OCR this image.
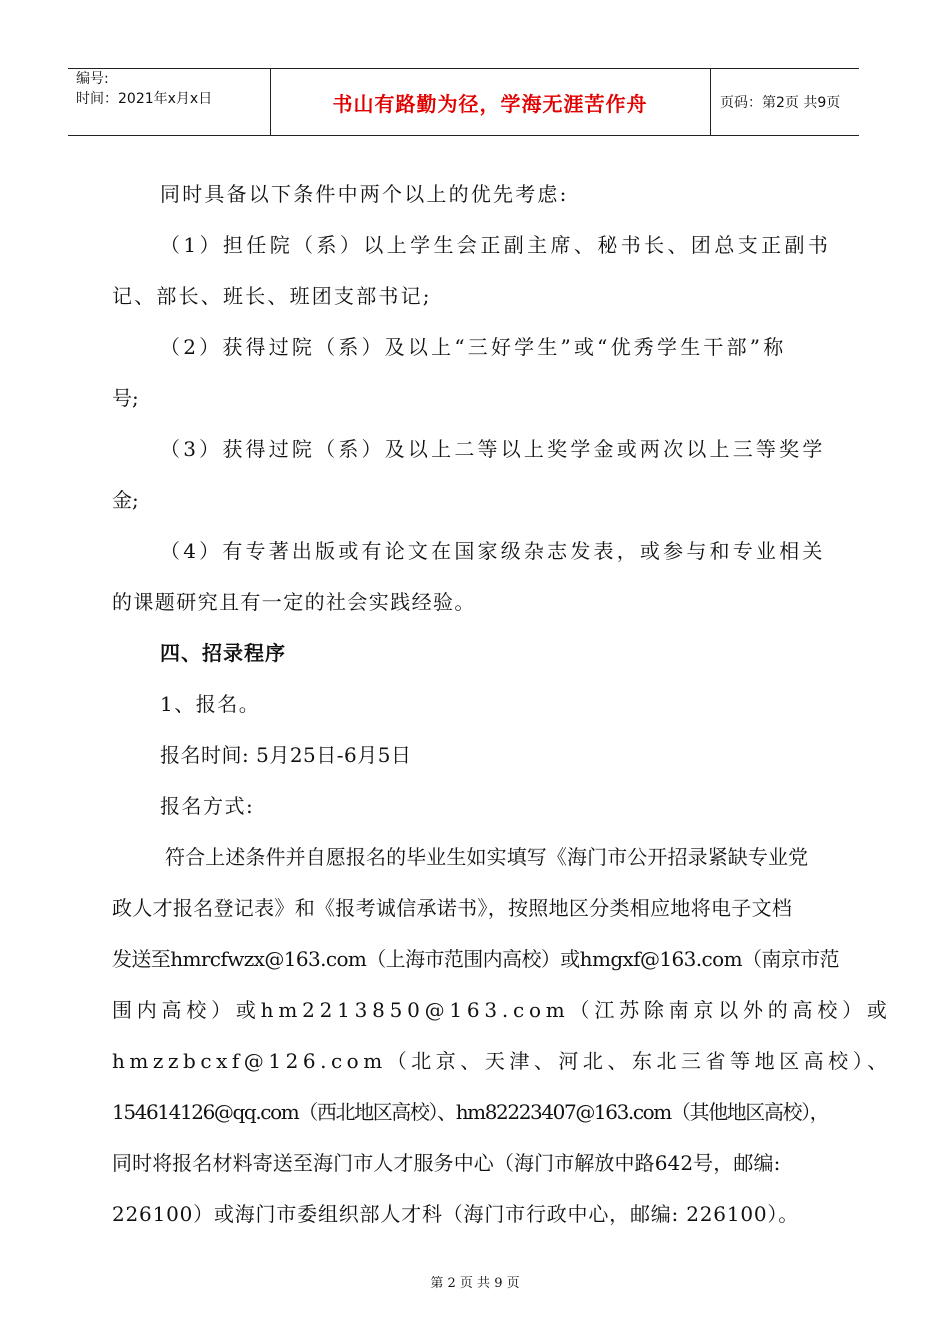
编号:
时间：2021年x月x日	书山有路勤为径，学海无涯苦作舟	页码：第2页 共9页
同时具备以下条件中两个以上的优先考虑:
（1）担任院（系）以上学生会正副主席、秘书长、团总支正副书
记、部长、班长、班团支部书记;
（2）获得过院（系）及以上“三好学生”或“优秀学生干部”称
号;
（3）获得过院（系）及以上二等以上奖学金或两次以上三等奖学
金;
（4）有专著出版或有论文在国家级杂志发表，或参与和专业相关
的课题研究且有一定的社会实践经验。
四、招录程序
1、报名。
报名时间: 5月25日-6月5日
报名方式:
符合上述条件并自愿报名的毕业生如实填写《海门市公开招录紧缺专业党
政人才报名登记表》和《报考诚信承诺书》，按照地区分类相应地将电子文档
发送至hmrcfwzx@163.com（上海市范围内高校）或hmgxf@163.com（南京市范
围内高校）或hm2213850@163.com（江苏除南京以外的高校）或
hmzzbcxf@126.com（北京、天津、河北、东北三省等地区高校）、
154614126@qq.com（西北地区高校）、hm82223407@163.com（其他地区高校），
同时将报名材料寄送至海门市人才服务中心（海门市解放中路642号，邮编:
226100）或海门市委组织部人才科（海门市行政中心，邮编: 226100）。
第 2 页 共 9 页
